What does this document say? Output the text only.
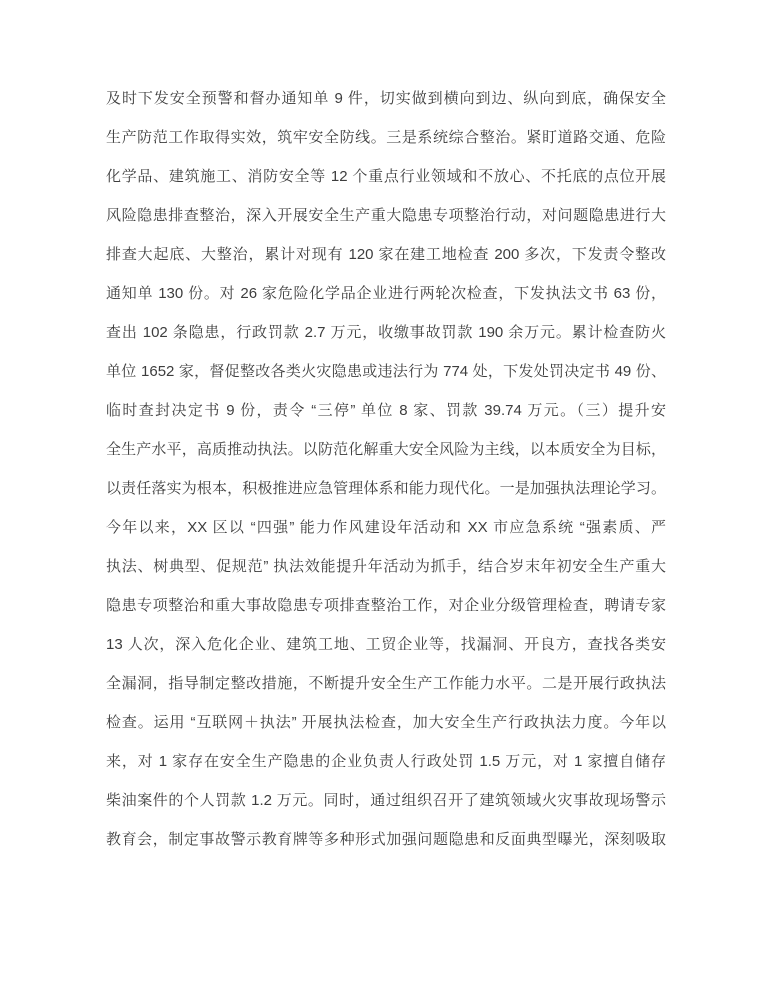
及时下发安全预警和督办通知单 9 件，切实做到横向到边、纵向到底，确保安全
生产防范工作取得实效，筑牢安全防线。三是系统综合整治。紧盯道路交通、危险
化学品、建筑施工、消防安全等 12 个重点行业领域和不放心、不托底的点位开展
风险隐患排查整治，深入开展安全生产重大隐患专项整治行动，对问题隐患进行大
排查大起底、大整治，累计对现有 120 家在建工地检查 200 多次，下发责令整改
通知单 130 份。对 26 家危险化学品企业进行两轮次检查，下发执法文书 63 份，
查出 102 条隐患，行政罚款 2.7 万元，收缴事故罚款 190 余万元。累计检查防火
单位 1652 家，督促整改各类火灾隐患或违法行为 774 处，下发处罚决定书 49 份、
临时查封决定书 9 份，责令 “三停” 单位 8 家、罚款 39.74 万元。（三）提升安
全生产水平，高质推动执法。以防范化解重大安全风险为主线，以本质安全为目标，
以责任落实为根本，积极推进应急管理体系和能力现代化。一是加强执法理论学习。
今年以来，XX 区以 “四强” 能力作风建设年活动和 XX 市应急系统 “强素质、严
执法、树典型、促规范” 执法效能提升年活动为抓手，结合岁末年初安全生产重大
隐患专项整治和重大事故隐患专项排查整治工作，对企业分级管理检查，聘请专家
13 人次，深入危化企业、建筑工地、工贸企业等，找漏洞、开良方，查找各类安
全漏洞，指导制定整改措施，不断提升安全生产工作能力水平。二是开展行政执法
检查。运用 “互联网＋执法” 开展执法检查，加大安全生产行政执法力度。今年以
来，对 1 家存在安全生产隐患的企业负责人行政处罚 1.5 万元，对 1 家擅自储存
柴油案件的个人罚款 1.2 万元。同时，通过组织召开了建筑领域火灾事故现场警示
教育会，制定事故警示教育牌等多种形式加强问题隐患和反面典型曝光，深刻吸取
